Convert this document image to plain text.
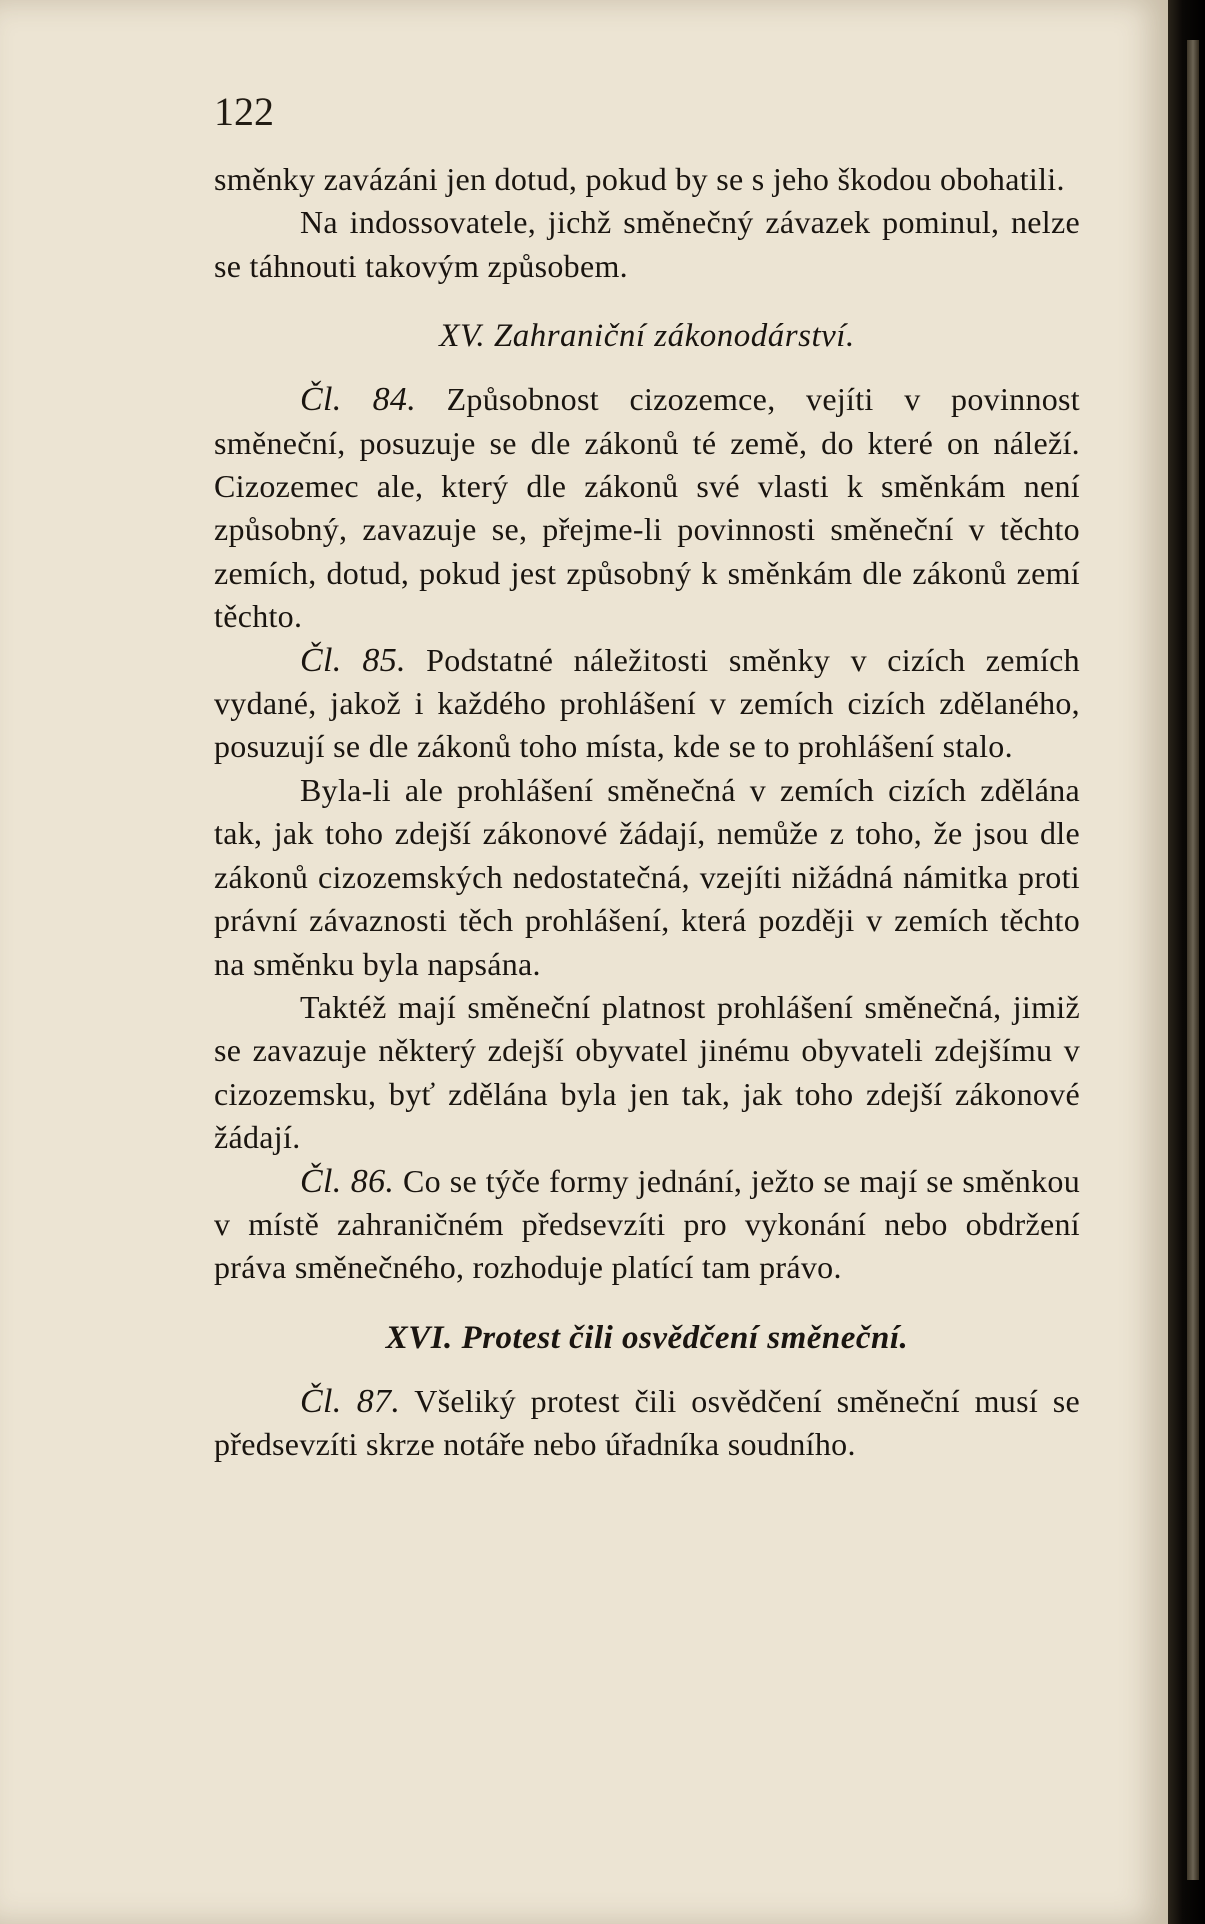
122

směnky zavázáni jen dotud, pokud by se s jeho škodou obohatili.

Na indossovatele, jichž směnečný závazek pominul, nelze se táhnouti takovým způsobem.

XV. Zahraniční zákonodárství.

Čl. 84. Způsobnost cizozemce, vejíti v povinnost směneční, posuzuje se dle zákonů té země, do které on náleží. Cizozemec ale, který dle zákonů své vlasti k směnkám není způsobný, zavazuje se, přejme-li povinnosti směneční v těchto zemích, dotud, pokud jest způsobný k směnkám dle zákonů zemí těchto.

Čl. 85. Podstatné náležitosti směnky v cizích zemích vydané, jakož i každého prohlášení v zemích cizích zdělaného, posuzují se dle zákonů toho místa, kde se to prohlášení stalo.

Byla-li ale prohlášení směnečná v zemích cizích zdělána tak, jak toho zdejší zákonové žádají, nemůže z toho, že jsou dle zákonů cizozemských nedostatečná, vzejíti nižádná námitka proti právní závaznosti těch prohlášení, která později v zemích těchto na směnku byla napsána.

Taktéž mají směneční platnost prohlášení směnečná, jimiž se zavazuje některý zdejší obyvatel jinému obyvateli zdejšímu v cizozemsku, byť zdělána byla jen tak, jak toho zdejší zákonové žádají.

Čl. 86. Co se týče formy jednání, ježto se mají se směnkou v místě zahraničném předsevzíti pro vykonání nebo obdržení práva směnečného, rozhoduje platící tam právo.

XVI. Protest čili osvědčení směneční.

Čl. 87. Všeliký protest čili osvědčení směneční musí se předsevzíti skrze notáře nebo úřadníka soudního.
